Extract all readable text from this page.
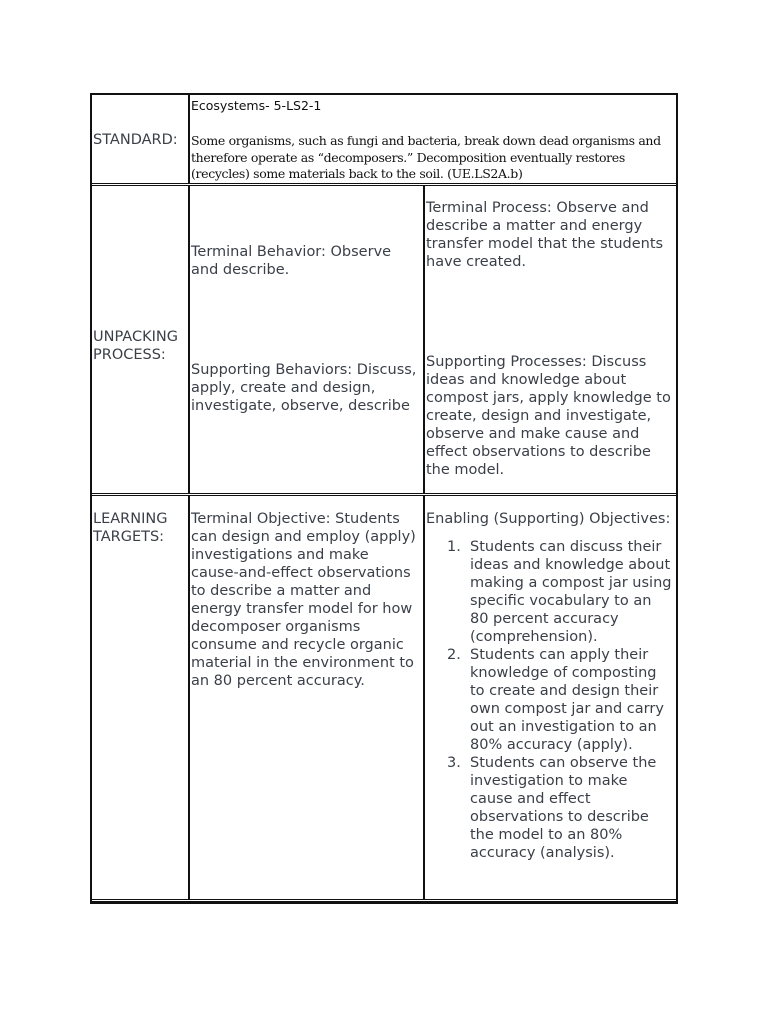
STANDARD:
Ecosystems- 5-LS2-1
Some organisms, such as fungi and bacteria, break down dead organisms and therefore operate as “decomposers.” Decomposition eventually restores (recycles) some materials back to the soil. (UE.LS2A.b)
UNPACKING PROCESS:
Terminal Behavior: Observe and describe.
Supporting Behaviors: Discuss, apply, create and design, investigate, observe, describe
Terminal Process: Observe and describe a matter and energy transfer model that the students have created.
Supporting Processes: Discuss ideas and knowledge about compost jars, apply knowledge to create, design and investigate, observe and make cause and effect observations to describe the model.
LEARNING TARGETS:
Terminal Objective: Students can design and employ (apply) investigations and make cause-and-effect observations to describe a matter and energy transfer model for how decomposer organisms consume and recycle organic material in the environment to an 80 percent accuracy.
Enabling (Supporting) Objectives:
1. Students can discuss their ideas and knowledge about making a compost jar using specific vocabulary to an 80 percent accuracy (comprehension).
2. Students can apply their knowledge of composting to create and design their own compost jar and carry out an investigation to an 80% accuracy (apply).
3. Students can observe the investigation to make cause and effect observations to describe the model to an 80% accuracy (analysis).
